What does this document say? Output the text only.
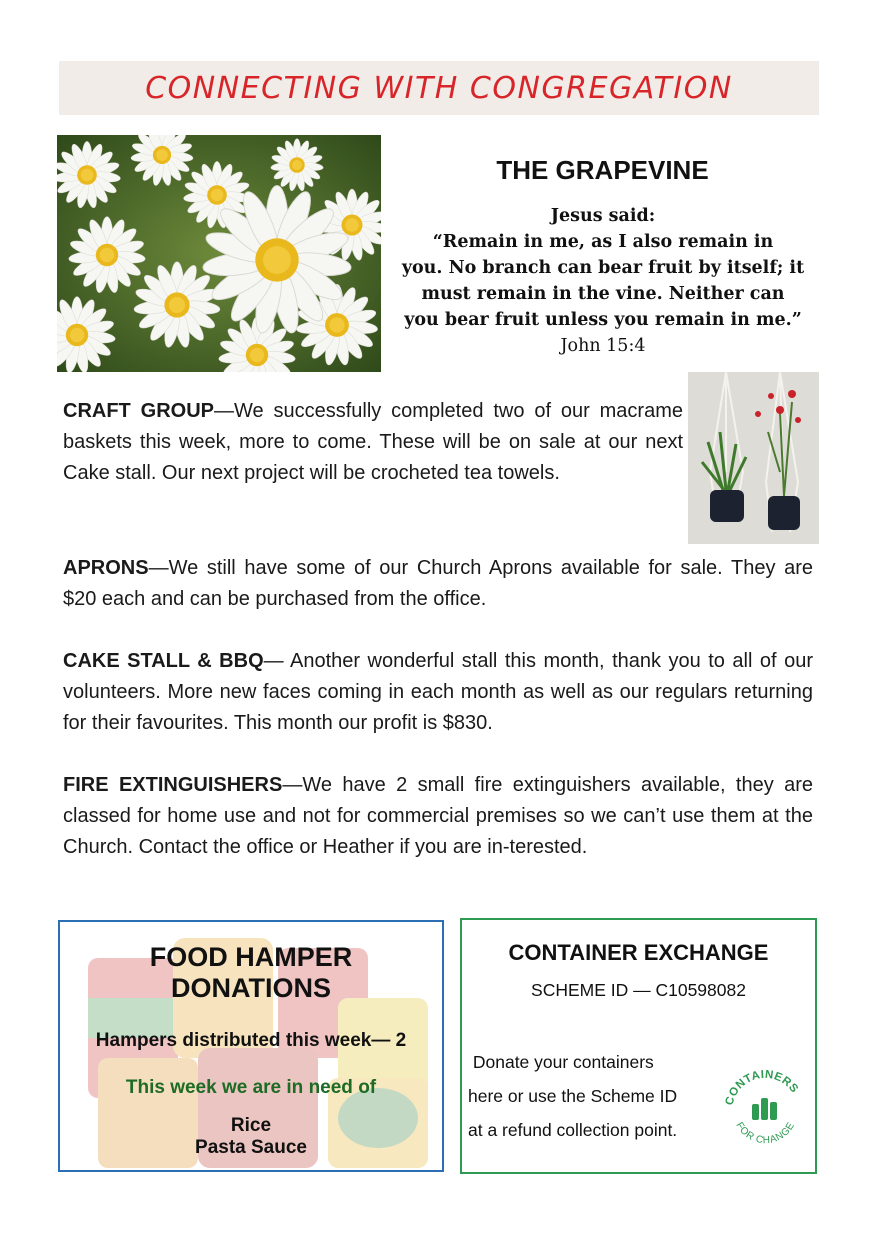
CONNECTING WITH CONGREGATION
THE GRAPEVINE
Jesus said:
“Remain in me, as I also remain in
you. No branch can bear fruit by itself; it
must remain in the vine. Neither can
you bear fruit unless you remain in me.”
John 15:4
CRAFT GROUP—We successfully completed two of our macrame baskets this week, more to come. These will be on sale at our next Cake stall. Our next project will be crocheted tea towels.
APRONS—We still have some of our Church Aprons available for sale. They are $20 each and can be purchased from the office.
CAKE STALL & BBQ— Another wonderful stall this month, thank you to all of our volunteers. More new faces coming in each month as well as our regulars returning for their favourites. This month our profit is $830.
FIRE EXTINGUISHERS—We have 2 small fire extinguishers available, they are classed for home use and not for commercial premises so we can’t use them at the Church. Contact the office or Heather if you are in-terested.
FOOD HAMPER
DONATIONS
Hampers distributed this week— 2
This week we are in need of
Rice
Pasta Sauce
CONTAINER EXCHANGE
SCHEME ID — C10598082
Donate your containers
here or use the Scheme ID
at a refund collection point.
CONTAINERS
FOR CHANGE
